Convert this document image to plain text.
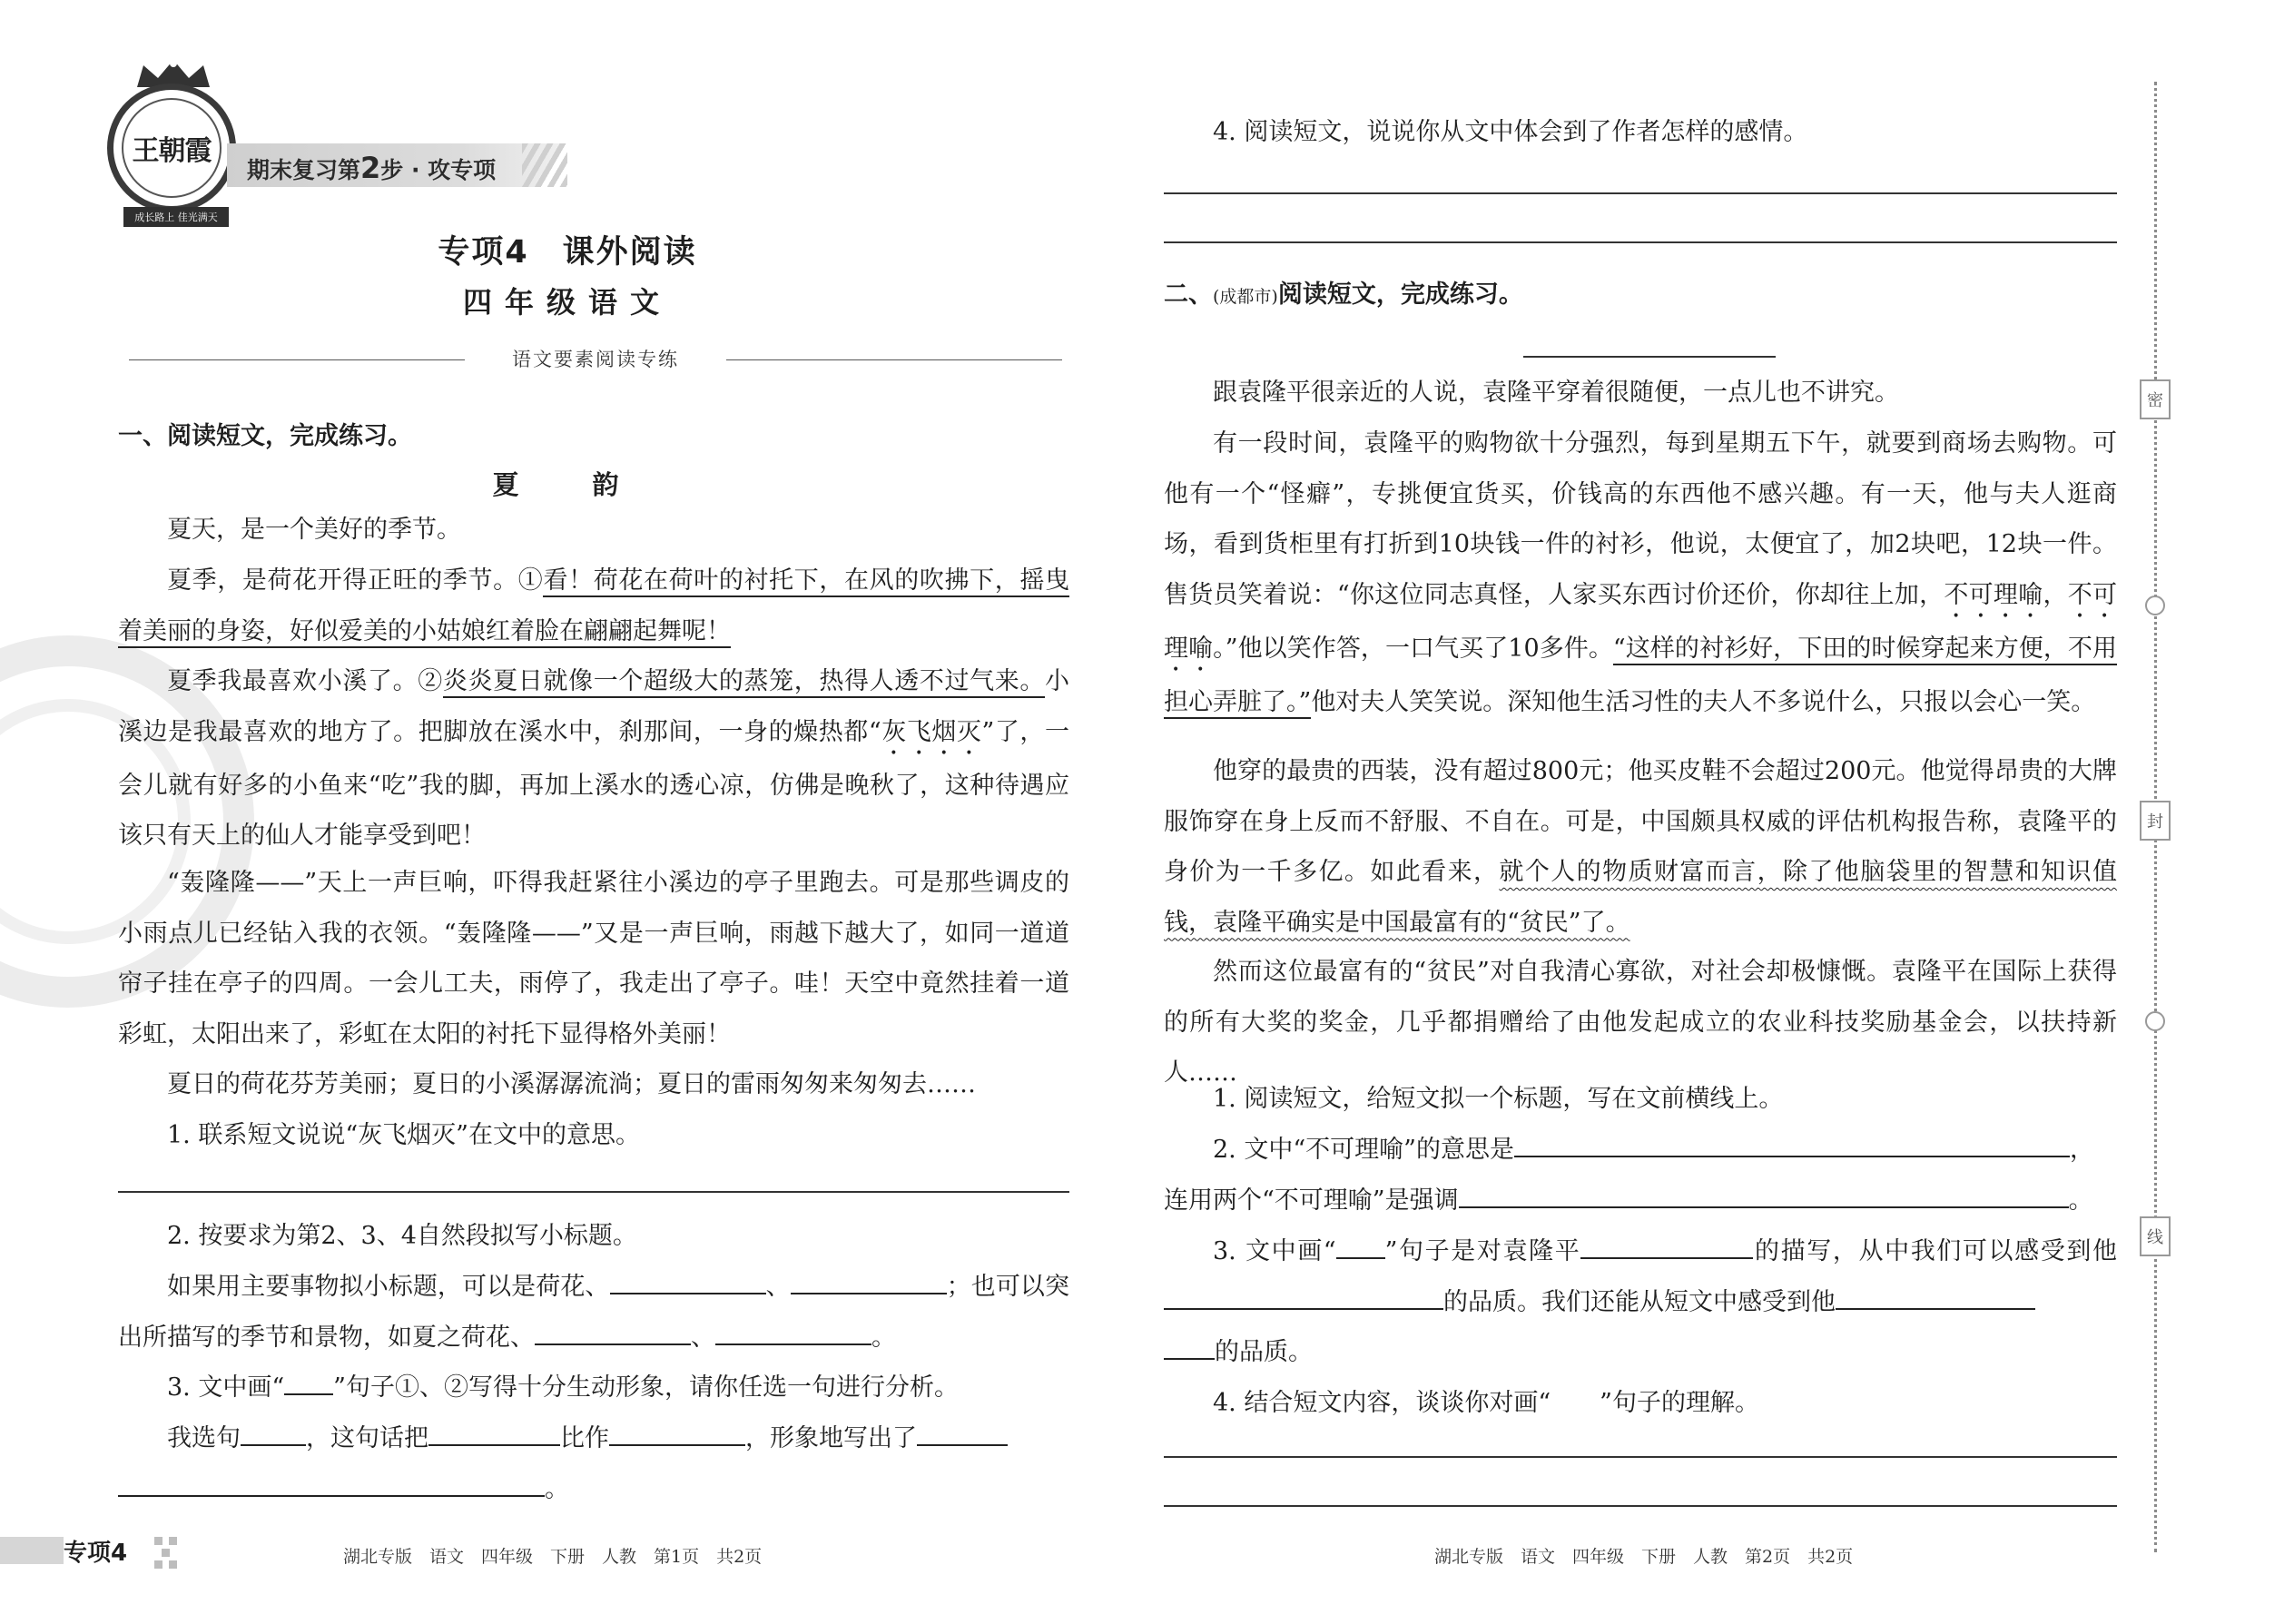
王朝霞
成长路上 佳光满天
期末复习第2步 · 攻专项
专项4　课外阅读
四年级语文
语文要素阅读专练
一、阅读短文，完成练习。
夏　韵
夏天，是一个美好的季节。
夏季，是荷花开得正旺的季节。①看！荷花在荷叶的衬托下，在风的吹拂下，摇曳着美丽的身姿，好似爱美的小姑娘红着脸在翩翩起舞呢！
夏季我最喜欢小溪了。②炎炎夏日就像一个超级大的蒸笼，热得人透不过气来。小溪边是我最喜欢的地方了。把脚放在溪水中，刹那间，一身的燥热都“灰飞烟灭”了，一会儿就有好多的小鱼来“吃”我的脚，再加上溪水的透心凉，仿佛是晚秋了，这种待遇应该只有天上的仙人才能享受到吧！
“轰隆隆——”天上一声巨响，吓得我赶紧往小溪边的亭子里跑去。可是那些调皮的小雨点儿已经钻入我的衣领。“轰隆隆——”又是一声巨响，雨越下越大了，如同一道道帘子挂在亭子的四周。一会儿工夫，雨停了，我走出了亭子。哇！天空中竟然挂着一道彩虹，太阳出来了，彩虹在太阳的衬托下显得格外美丽！
夏日的荷花芬芳美丽；夏日的小溪潺潺流淌；夏日的雷雨匆匆来匆匆去……
1. 联系短文说说“灰飞烟灭”在文中的意思。
2. 按要求为第2、3、4自然段拟写小标题。
如果用主要事物拟小标题，可以是荷花、	、	；也可以突出所描写的季节和景物，如夏之荷花、	、	。
3. 文中画“ ”句子①、②写得十分生动形象，请你任选一句进行分析。
我选句	，这句话把	比作	，形象地写出了
。
专项4	湖北专版　语文　四年级　下册　人教　第1页　共2页
4. 阅读短文，说说你从文中体会到了作者怎样的感情。
二、(成都市)阅读短文，完成练习。
跟袁隆平很亲近的人说，袁隆平穿着很随便，一点儿也不讲究。
有一段时间，袁隆平的购物欲十分强烈，每到星期五下午，就要到商场去购物。可他有一个“怪癖”，专挑便宜货买，价钱高的东西他不感兴趣。有一天，他与夫人逛商场，看到货柜里有打折到10块钱一件的衬衫，他说，太便宜了，加2块吧，12块一件。售货员笑着说：“你这位同志真怪，人家买东西讨价还价，你却往上加，不可理喻，不可理喻。”他以笑作答，一口气买了10多件。“这样的衬衫好，下田的时候穿起来方便，不用担心弄脏了。”他对夫人笑笑说。深知他生活习性的夫人不多说什么，只报以会心一笑。
他穿的最贵的西装，没有超过800元；他买皮鞋不会超过200元。他觉得昂贵的大牌服饰穿在身上反而不舒服、不自在。可是，中国颇具权威的评估机构报告称，袁隆平的身价为一千多亿。如此看来，就个人的物质财富而言，除了他脑袋里的智慧和知识值钱，袁隆平确实是中国最富有的“贫民”了。
然而这位最富有的“贫民”对自我清心寡欲，对社会却极慷慨。袁隆平在国际上获得的所有大奖的奖金，几乎都捐赠给了由他发起成立的农业科技奖励基金会，以扶持新人……
1. 阅读短文，给短文拟一个标题，写在文前横线上。
2. 文中“不可理喻”的意思是	，
连用两个“不可理喻”是强调	。
3. 文中画“ ”句子是对袁隆平	的描写，从中我们可以感受到他的品质。我们还能从短文中感受到他
的品质。
4. 结合短文内容，谈谈你对画“ ”句子的理解。
湖北专版　语文　四年级　下册　人教　第2页　共2页
密
封
线
